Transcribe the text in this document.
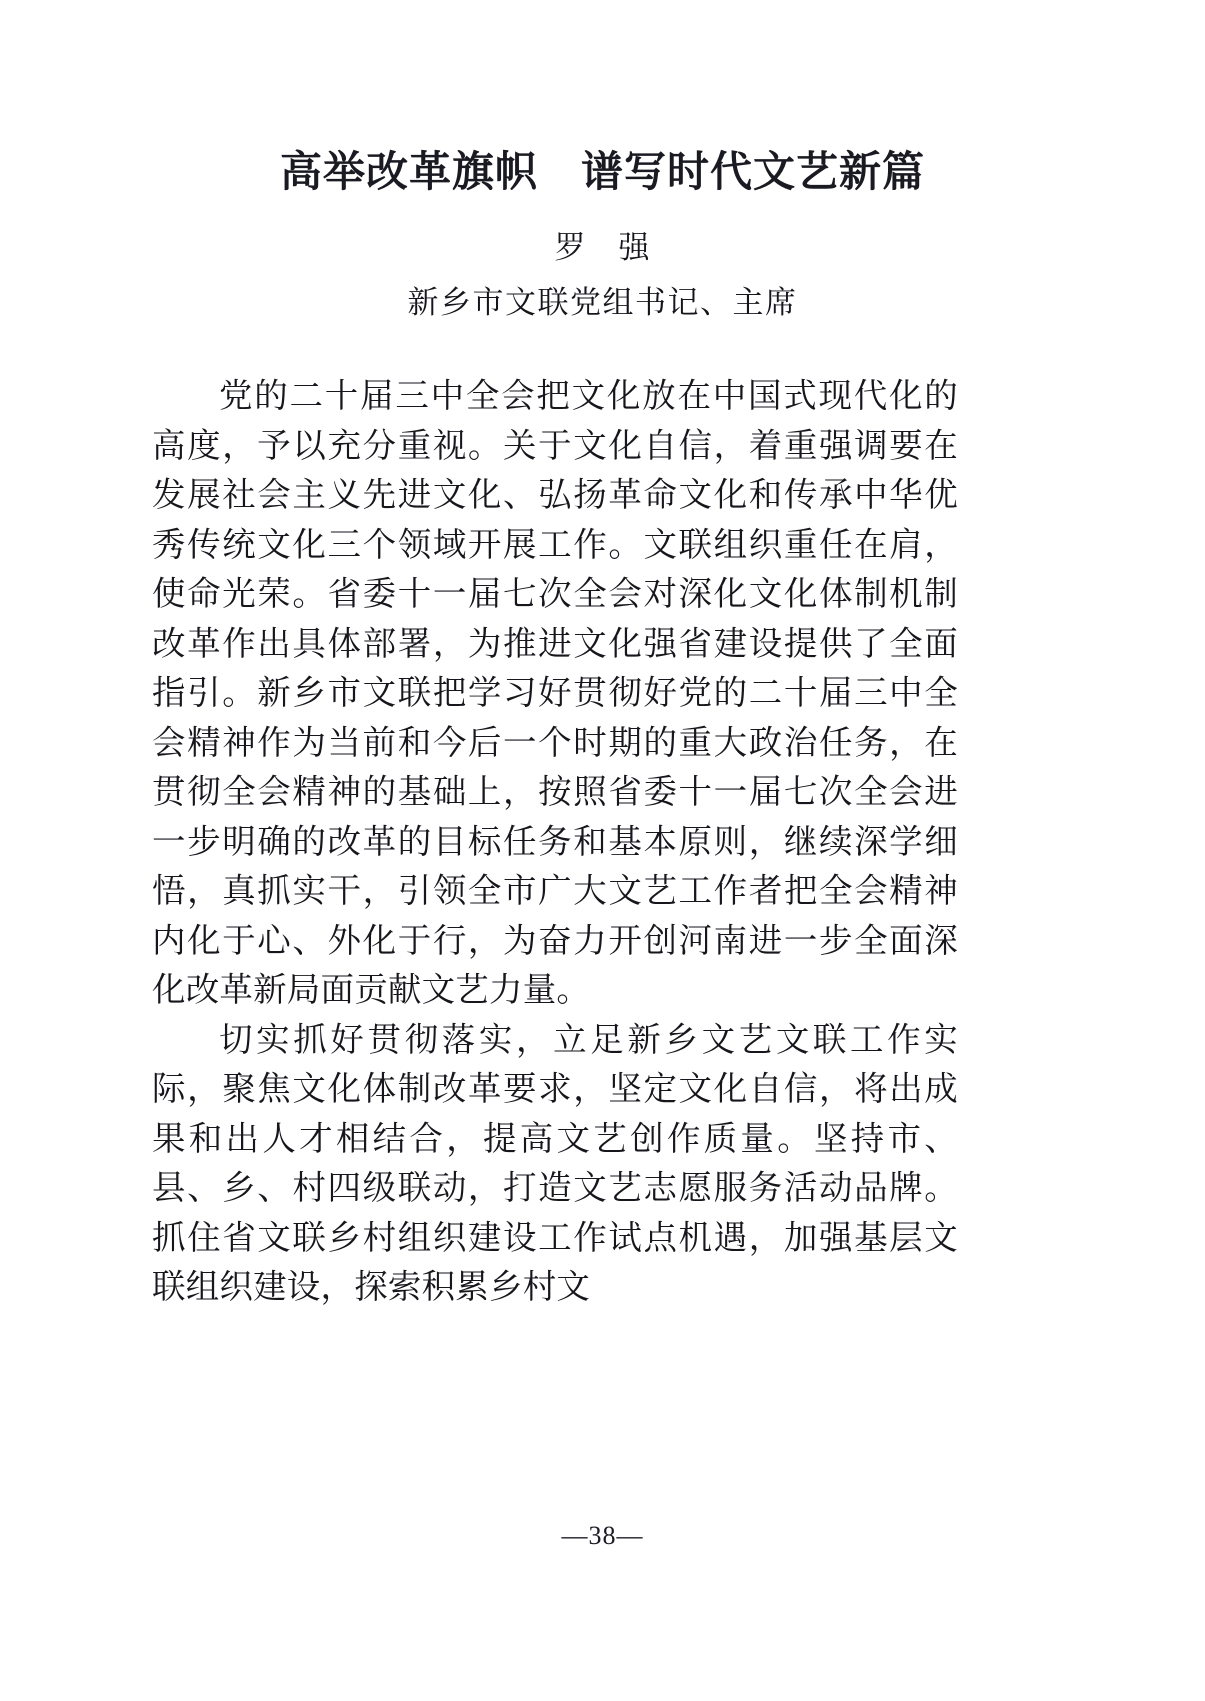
高举改革旗帜　谱写时代文艺新篇

罗　强

新乡市文联党组书记、主席

党的二十届三中全会把文化放在中国式现代化的高度，予以充分重视。关于文化自信，着重强调要在发展社会主义先进文化、弘扬革命文化和传承中华优秀传统文化三个领域开展工作。文联组织重任在肩，使命光荣。省委十一届七次全会对深化文化体制机制改革作出具体部署，为推进文化强省建设提供了全面指引。新乡市文联把学习好贯彻好党的二十届三中全会精神作为当前和今后一个时期的重大政治任务，在贯彻全会精神的基础上，按照省委十一届七次全会进一步明确的改革的目标任务和基本原则，继续深学细悟，真抓实干，引领全市广大文艺工作者把全会精神内化于心、外化于行，为奋力开创河南进一步全面深化改革新局面贡献文艺力量。

切实抓好贯彻落实，立足新乡文艺文联工作实际，聚焦文化体制改革要求，坚定文化自信，将出成果和出人才相结合，提高文艺创作质量。坚持市、县、乡、村四级联动，打造文艺志愿服务活动品牌。抓住省文联乡村组织建设工作试点机遇，加强基层文联组织建设，探索积累乡村文

—38—
